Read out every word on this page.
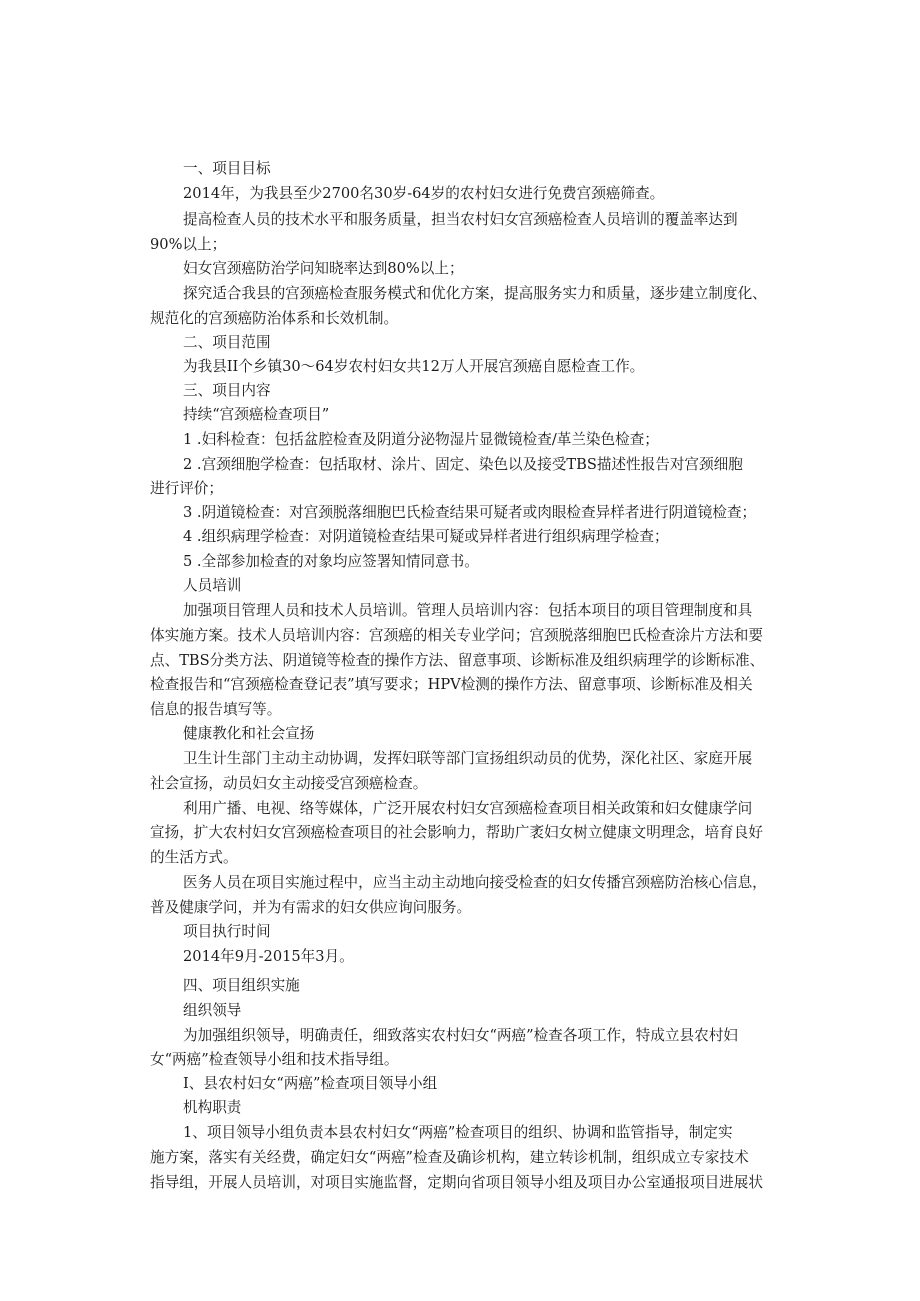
一、项目目标
2014年，为我县至少2700名30岁-64岁的农村妇女进行免费宫颈癌筛查。
提高检查人员的技术水平和服务质量，担当农村妇女宫颈癌检查人员培训的覆盖率达到
90%以上；
妇女宫颈癌防治学问知晓率达到80%以上；
探究适合我县的宫颈癌检查服务模式和优化方案，提高服务实力和质量，逐步建立制度化、
规范化的宫颈癌防治体系和长效机制。
二、项目范围
为我县II个乡镇30～64岁农村妇女共12万人开展宫颈癌自愿检查工作。
三、项目内容
持续“宫颈癌检查项目”
1 .妇科检查：包括盆腔检查及阴道分泌物湿片显微镜检查/革兰染色检查；
2 .宫颈细胞学检查：包括取材、涂片、固定、染色以及接受TBS描述性报告对宫颈细胞
进行评价；
3 .阴道镜检查：对宫颈脱落细胞巴氏检查结果可疑者或肉眼检查异样者进行阴道镜检查；
4 .组织病理学检查：对阴道镜检查结果可疑或异样者进行组织病理学检查；
5 .全部参加检查的对象均应签署知情同意书。
人员培训
加强项目管理人员和技术人员培训。管理人员培训内容：包括本项目的项目管理制度和具
体实施方案。技术人员培训内容：宫颈癌的相关专业学问；宫颈脱落细胞巴氏检查涂片方法和要
点、TBS分类方法、阴道镜等检查的操作方法、留意事项、诊断标准及组织病理学的诊断标准、
检查报告和“宫颈癌检查登记表”填写要求；HPV检测的操作方法、留意事项、诊断标准及相关
信息的报告填写等。
健康教化和社会宣扬
卫生计生部门主动主动协调，发挥妇联等部门宣扬组织动员的优势，深化社区、家庭开展
社会宣扬，动员妇女主动接受宫颈癌检查。
利用广播、电视、络等媒体，广泛开展农村妇女宫颈癌检查项目相关政策和妇女健康学问
宣扬，扩大农村妇女宫颈癌检查项目的社会影响力，帮助广袤妇女树立健康文明理念，培育良好
的生活方式。
医务人员在项目实施过程中，应当主动主动地向接受检查的妇女传播宫颈癌防治核心信息，
普及健康学问，并为有需求的妇女供应询问服务。
项目执行时间
2014年9月-2015年3月。
四、项目组织实施
组织领导
为加强组织领导，明确责任，细致落实农村妇女“两癌”检查各项工作，特成立县农村妇
女“两癌”检查领导小组和技术指导组。
I、县农村妇女“两癌”检查项目领导小组
机构职责
1、项目领导小组负责本县农村妇女“两癌”检查项目的组织、协调和监管指导，制定实
施方案，落实有关经费，确定妇女“两癌”检查及确诊机构，建立转诊机制，组织成立专家技术
指导组，开展人员培训，对项目实施监督，定期向省项目领导小组及项目办公室通报项目进展状
